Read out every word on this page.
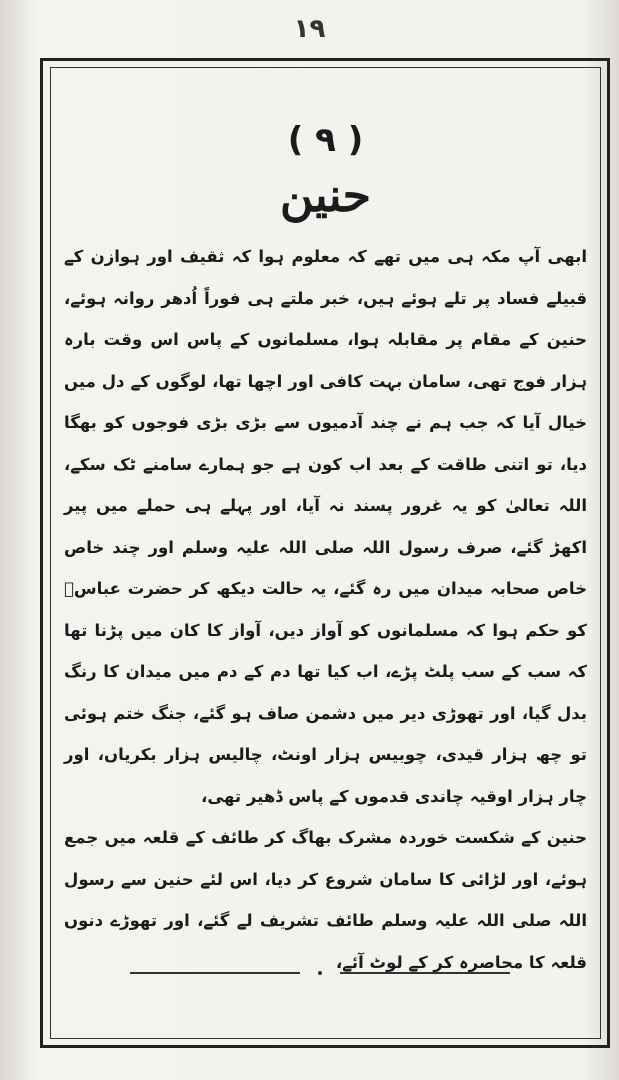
١٩
( ٩ )
حنین

ابھی آپ مکہ ہی میں تھے کہ معلوم ہوا کہ ثقیف اور ہوازن کے قبیلے فساد پر تلے ہوئے ہیں، خبر ملتے ہی فوراً اُدھر روانہ ہوئے، حنین کے مقام پر مقابلہ ہوا، مسلمانوں کے پاس اس وقت بارہ ہزار فوج تھی، سامان بہت کافی اور اچھا تھا، لوگوں کے دل میں خیال آیا کہ جب ہم نے چند آدمیوں سے بڑی بڑی فوجوں کو بھگا دیا، تو اتنی طاقت کے بعد اب کون ہے جو ہمارے سامنے ٹک سکے، اللہ تعالیٰ کو یہ غرور پسند نہ آیا، اور پہلے ہی حملے میں پیر اکھڑ گئے، صرف رسول اللہ صلی اللہ علیہ وسلم اور چند خاص خاص صحابہ میدان میں رہ گئے، یہ حالت دیکھ کر حضرت عباسؓ کو حکم ہوا کہ مسلمانوں کو آواز دیں، آواز کا کان میں پڑنا تھا کہ سب کے سب پلٹ پڑے، اب کیا تھا دم کے دم میں میدان کا رنگ بدل گیا، اور تھوڑی دیر میں دشمن صاف ہو گئے، جنگ ختم ہوئی تو چھ ہزار قیدی، چوبیس ہزار اونٹ، چالیس ہزار بکریاں، اور چار ہزار اوقیہ چاندی قدموں کے پاس ڈھیر تھی،

حنین کے شکست خوردہ مشرک بھاگ کر طائف کے قلعہ میں جمع ہوئے، اور لڑائی کا سامان شروع کر دیا، اس لئے حنین سے رسول اللہ صلی اللہ علیہ وسلم طائف تشریف لے گئے، اور تھوڑے دنوں قلعہ کا محاصرہ کر کے لوٹ آئے،
